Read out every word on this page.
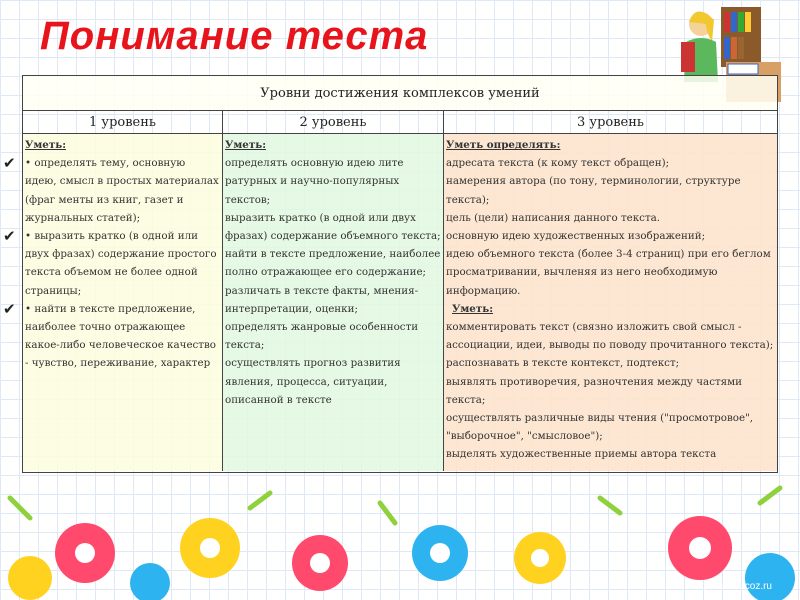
Понимание теста
Уровни достижения комплексов умений
1 уровень	2 уровень	3 уровень
Уметь:
✔ • определять тему, основную идею, смысл в простых материалах (фраг менты из книг, газет и журнальных статей);
✔ • выразить кратко (в одной или двух фразах) содержание простого текста объемом не более одной страницы;
✔ • найти в тексте предложение, наиболее точно отражающее какое-либо человеческое качество - чувство, переживание, характер
Уметь:
определять основную идею лите ратурных и научно-популярных текстов;
выразить кратко (в одной или двух фразах) содержание объемного текста;
найти в тексте предложение, наиболее полно отражающее его содержание;
различать в тексте факты, мнения-интерпретации, оценки;
определять жанровые особенности текста;
осуществлять прогноз развития явления, процесса, ситуации, описанной в тексте
Уметь определять:
адресата текста (к кому текст обращен);
намерения автора (по тону, терминологии, структуре текста);
цель (цели) написания данного текста.
основную идею художественных изображений;
идею объемного текста (более 3-4 страниц) при его беглом просматривании, вычленяя из него необходимую информацию.
Уметь:
комментировать текст (связно изложить свой смысл - ассоциации, идеи, выводы по поводу прочитанного текста);
распознавать в тексте контекст, подтекст;
выявлять противоречия, разночтения между частями текста;
осуществлять различные виды чтения ("просмотровое", "выборочное", "смысловое");
выделять художественные приемы автора текста
http://aida.ucoz.ru
